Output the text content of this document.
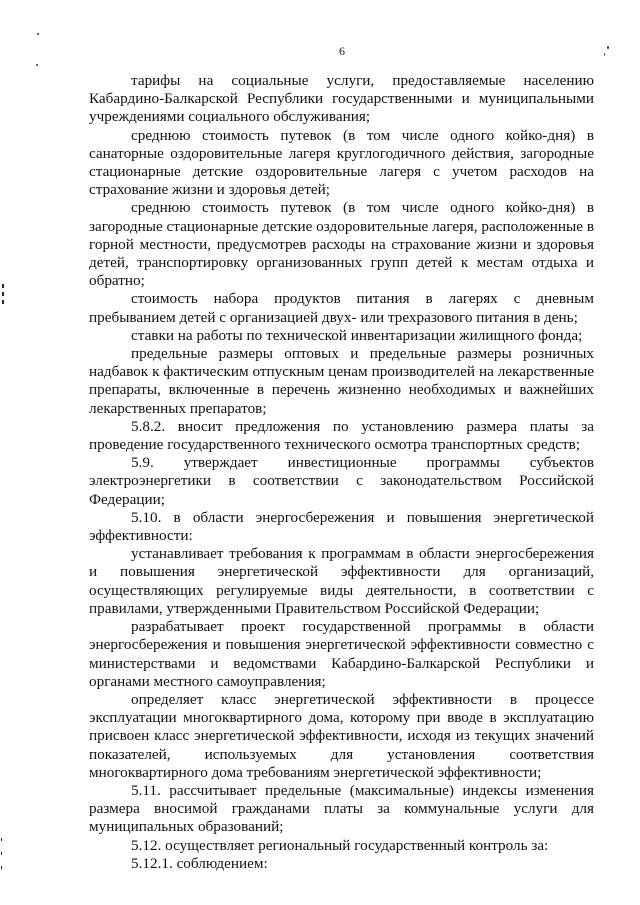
6

тарифы на социальные услуги, предоставляемые населению Кабардино-Балкарской Республики государственными и муниципальными учреждениями социального обслуживания;

среднюю стоимость путевок (в том числе одного койко-дня) в санаторные оздоровительные лагеря круглогодичного действия, загородные стационарные детские оздоровительные лагеря с учетом расходов на страхование жизни и здоровья детей;

среднюю стоимость путевок (в том числе одного койко-дня) в загородные стационарные детские оздоровительные лагеря, расположенные в горной местности, предусмотрев расходы на страхование жизни и здоровья детей, транспортировку организованных групп детей к местам отдыха и обратно;

стоимость набора продуктов питания в лагерях с дневным пребыванием детей с организацией двух- или трехразового питания в день;

ставки на работы по технической инвентаризации жилищного фонда;

предельные размеры оптовых и предельные размеры розничных надбавок к фактическим отпускным ценам производителей на лекарственные препараты, включенные в перечень жизненно необходимых и важнейших лекарственных препаратов;

5.8.2. вносит предложения по установлению размера платы за проведение государственного технического осмотра транспортных средств;

5.9. утверждает инвестиционные программы субъектов электроэнергетики в соответствии с законодательством Российской Федерации;

5.10. в области энергосбережения и повышения энергетической эффективности:

устанавливает требования к программам в области энергосбережения и повышения энергетической эффективности для организаций, осуществляющих регулируемые виды деятельности, в соответствии с правилами, утвержденными Правительством Российской Федерации;

разрабатывает проект государственной программы в области энергосбережения и повышения энергетической эффективности совместно с министерствами и ведомствами Кабардино-Балкарской Республики и органами местного самоуправления;

определяет класс энергетической эффективности в процессе эксплуатации многоквартирного дома, которому при вводе в эксплуатацию присвоен класс энергетической эффективности, исходя из текущих значений показателей, используемых для установления соответствия многоквартирного дома требованиям энергетической эффективности;

5.11. рассчитывает предельные (максимальные) индексы изменения размера вносимой гражданами платы за коммунальные услуги для муниципальных образований;

5.12. осуществляет региональный государственный контроль за:

5.12.1. соблюдением:
